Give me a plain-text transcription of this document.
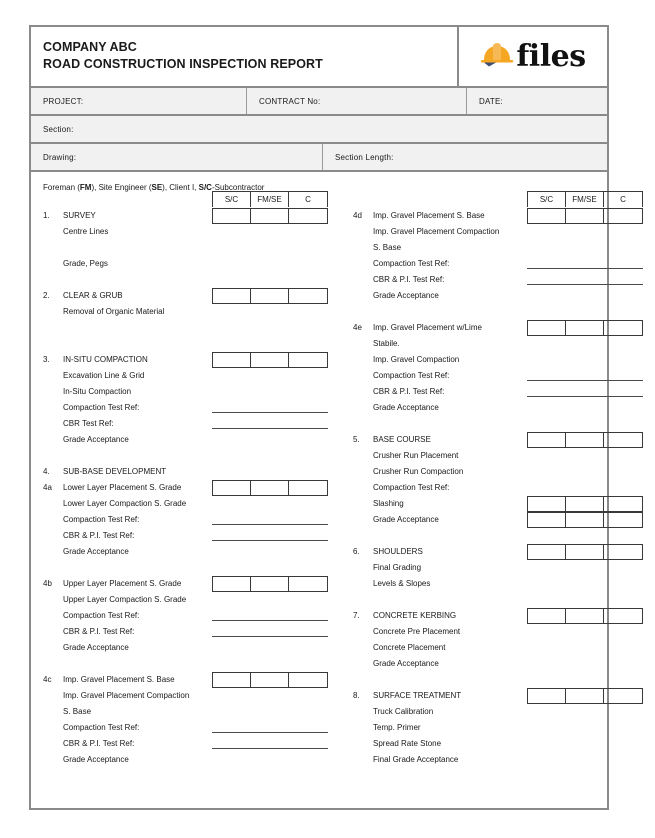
COMPANY ABC
ROAD CONSTRUCTION INSPECTION REPORT	files
PROJECT:	CONTRACT No:	DATE:
Section:
Drawing:	Section Length:
Foreman (FM), Site Engineer (SE), Client I, S/C-Subcontractor
S/C	FM/SE	C	S/C	FM/SE	C
1.	SURVEY
Centre Lines
Grade, Pegs
2.	CLEAR & GRUB
Removal of Organic Material
3.	IN-SITU COMPACTION
Excavation Line & Grid
In-Situ Compaction
Compaction Test Ref:
CBR Test Ref:
Grade Acceptance
4.	SUB-BASE DEVELOPMENT
4a	Lower Layer Placement S. Grade
Lower Layer Compaction S. Grade
Compaction Test Ref:
CBR & P.I. Test Ref:
Grade Acceptance
4b	Upper Layer Placement S. Grade
Upper Layer Compaction S. Grade
Compaction Test Ref:
CBR & P.I. Test Ref:
Grade Acceptance
4c	Imp. Gravel Placement S. Base
Imp. Gravel Placement Compaction
S. Base
Compaction Test Ref:
CBR & P.I. Test Ref:
Grade Acceptance
4d	Imp. Gravel Placement S. Base
Imp. Gravel Placement Compaction
S. Base
Compaction Test Ref:
CBR & P.I. Test Ref:
Grade Acceptance
4e	Imp. Gravel Placement w/Lime
Stabile.
Imp. Gravel Compaction
Compaction Test Ref:
CBR & P.I. Test Ref:
Grade Acceptance
5.	BASE COURSE
Crusher Run Placement
Crusher Run Compaction
Compaction Test Ref:
Slashing
Grade Acceptance
6.	SHOULDERS
Final Grading
Levels & Slopes
7.	CONCRETE KERBING
Concrete Pre Placement
Concrete Placement
Grade Acceptance
8.	SURFACE TREATMENT
Truck Calibration
Temp. Primer
Spread Rate Stone
Final Grade Acceptance
